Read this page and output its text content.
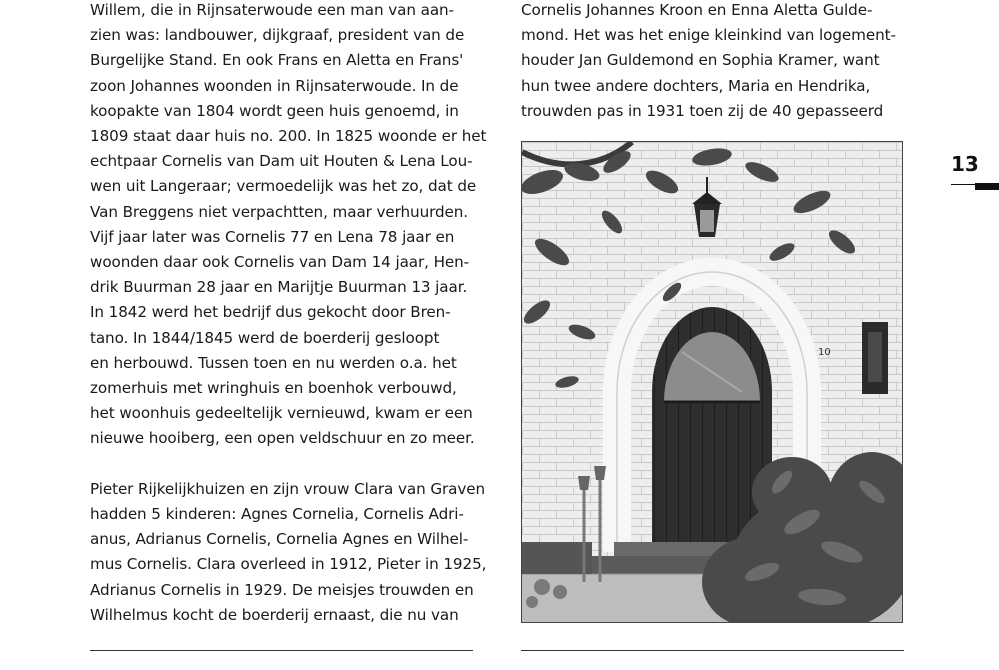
Willem, die in Rijnsaterwoude een man van aan-
zien was: landbouwer, dijkgraaf, president van de
Burgelijke Stand. En ook Frans en Aletta en Frans'
zoon Johannes woonden in Rijnsaterwoude. In de
koopakte van 1804 wordt geen huis genoemd, in
1809 staat daar huis no. 200. In 1825 woonde er het
echtpaar Cornelis van Dam uit Houten & Lena Lou-
wen uit Langeraar; vermoedelijk was het zo, dat de
Van Breggens niet verpachtten, maar verhuurden.
Vijf jaar later was Cornelis 77 en Lena 78 jaar en
woonden daar ook Cornelis van Dam 14 jaar, Hen-
drik Buurman 28 jaar en Marijtje Buurman 13 jaar.
In 1842 werd het bedrijf dus gekocht door Bren-
tano. In 1844/1845 werd de boerderij gesloopt
en herbouwd. Tussen toen en nu werden o.a. het
zomerhuis met wringhuis en boenhok verbouwd,
het woonhuis gedeeltelijk vernieuwd, kwam er een
nieuwe hooiberg, een open veldschuur en zo meer.
Pieter Rijkelijkhuizen en zijn vrouw Clara van Graven
hadden 5 kinderen: Agnes Cornelia, Cornelis Adri-
anus, Adrianus Cornelis, Cornelia Agnes en Wilhel-
mus Cornelis. Clara overleed in 1912, Pieter in 1925,
Adrianus Cornelis in 1929. De meisjes trouwden en
Wilhelmus kocht de boerderij ernaast, die nu van
Cornelis Johannes Kroon en Enna Aletta Gulde-
mond. Het was het enige kleinkind van logement-
houder Jan Guldemond en Sophia Kramer, want
hun twee andere dochters, Maria en Hendrika,
trouwden pas in 1931 toen zij de 40 gepasseerd
10
13
